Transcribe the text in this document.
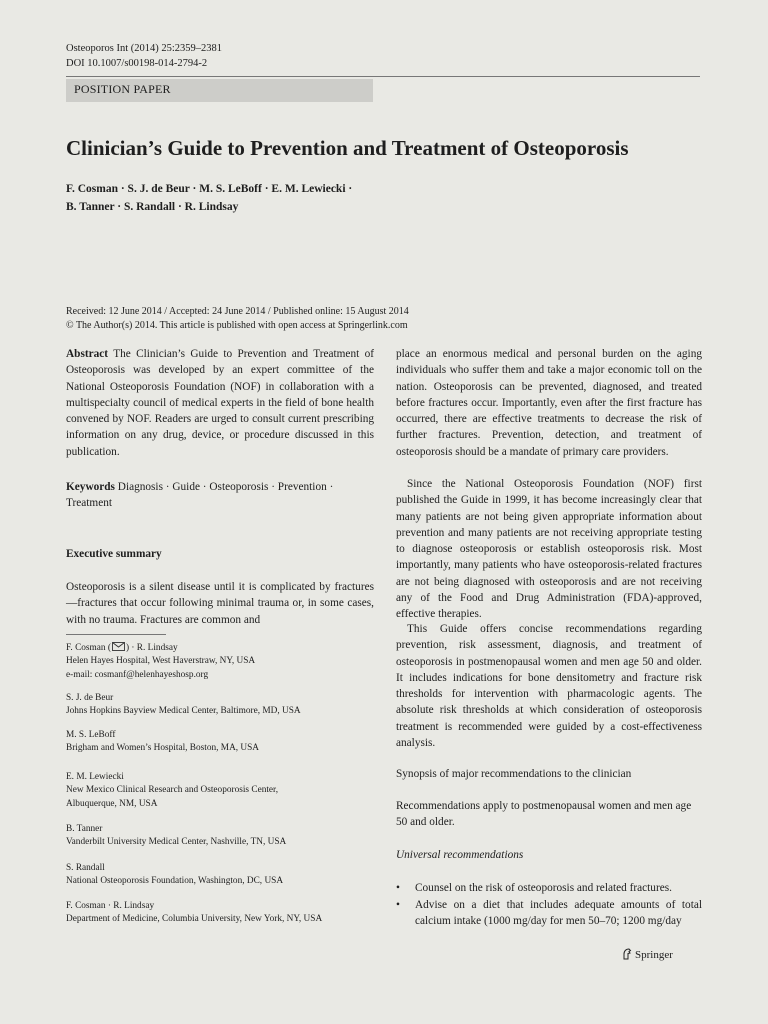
Osteoporos Int (2014) 25:2359–2381
DOI 10.1007/s00198-014-2794-2
POSITION PAPER
Clinician’s Guide to Prevention and Treatment of Osteoporosis
F. Cosman · S. J. de Beur · M. S. LeBoff · E. M. Lewiecki ·
B. Tanner · S. Randall · R. Lindsay
Received: 12 June 2014 / Accepted: 24 June 2014 / Published online: 15 August 2014
© The Author(s) 2014. This article is published with open access at Springerlink.com
Abstract The Clinician’s Guide to Prevention and Treatment of Osteoporosis was developed by an expert committee of the National Osteoporosis Foundation (NOF) in collaboration with a multispecialty council of medical experts in the field of bone health convened by NOF. Readers are urged to consult current prescribing information on any drug, device, or procedure discussed in this publication.
Keywords Diagnosis · Guide · Osteoporosis · Prevention · Treatment
Executive summary
Osteoporosis is a silent disease until it is complicated by fractures—fractures that occur following minimal trauma or, in some cases, with no trauma. Fractures are common and
F. Cosman ( ) · R. Lindsay
Helen Hayes Hospital, West Haverstraw, NY, USA
e-mail: cosmanf@helenhayeshosp.org
S. J. de Beur
Johns Hopkins Bayview Medical Center, Baltimore, MD, USA
M. S. LeBoff
Brigham and Women’s Hospital, Boston, MA, USA
E. M. Lewiecki
New Mexico Clinical Research and Osteoporosis Center,
Albuquerque, NM, USA
B. Tanner
Vanderbilt University Medical Center, Nashville, TN, USA
S. Randall
National Osteoporosis Foundation, Washington, DC, USA
F. Cosman · R. Lindsay
Department of Medicine, Columbia University, New York, NY, USA
place an enormous medical and personal burden on the aging individuals who suffer them and take a major economic toll on the nation. Osteoporosis can be prevented, diagnosed, and treated before fractures occur. Importantly, even after the first fracture has occurred, there are effective treatments to decrease the risk of further fractures. Prevention, detection, and treatment of osteoporosis should be a mandate of primary care providers.
Since the National Osteoporosis Foundation (NOF) first published the Guide in 1999, it has become increasingly clear that many patients are not being given appropriate information about prevention and many patients are not receiving appropriate testing to diagnose osteoporosis or establish osteoporosis risk. Most importantly, many patients who have osteoporosis-related fractures are not being diagnosed with osteoporosis and are not receiving any of the Food and Drug Administration (FDA)-approved, effective therapies.
This Guide offers concise recommendations regarding prevention, risk assessment, diagnosis, and treatment of osteoporosis in postmenopausal women and men age 50 and older. It includes indications for bone densitometry and fracture risk thresholds for intervention with pharmacologic agents. The absolute risk thresholds at which consideration of osteoporosis treatment is recommended were guided by a cost-effectiveness analysis.
Synopsis of major recommendations to the clinician
Recommendations apply to postmenopausal women and men age 50 and older.
Universal recommendations
• Counsel on the risk of osteoporosis and related fractures.
• Advise on a diet that includes adequate amounts of total calcium intake (1000 mg/day for men 50–70; 1200 mg/day
Springer
